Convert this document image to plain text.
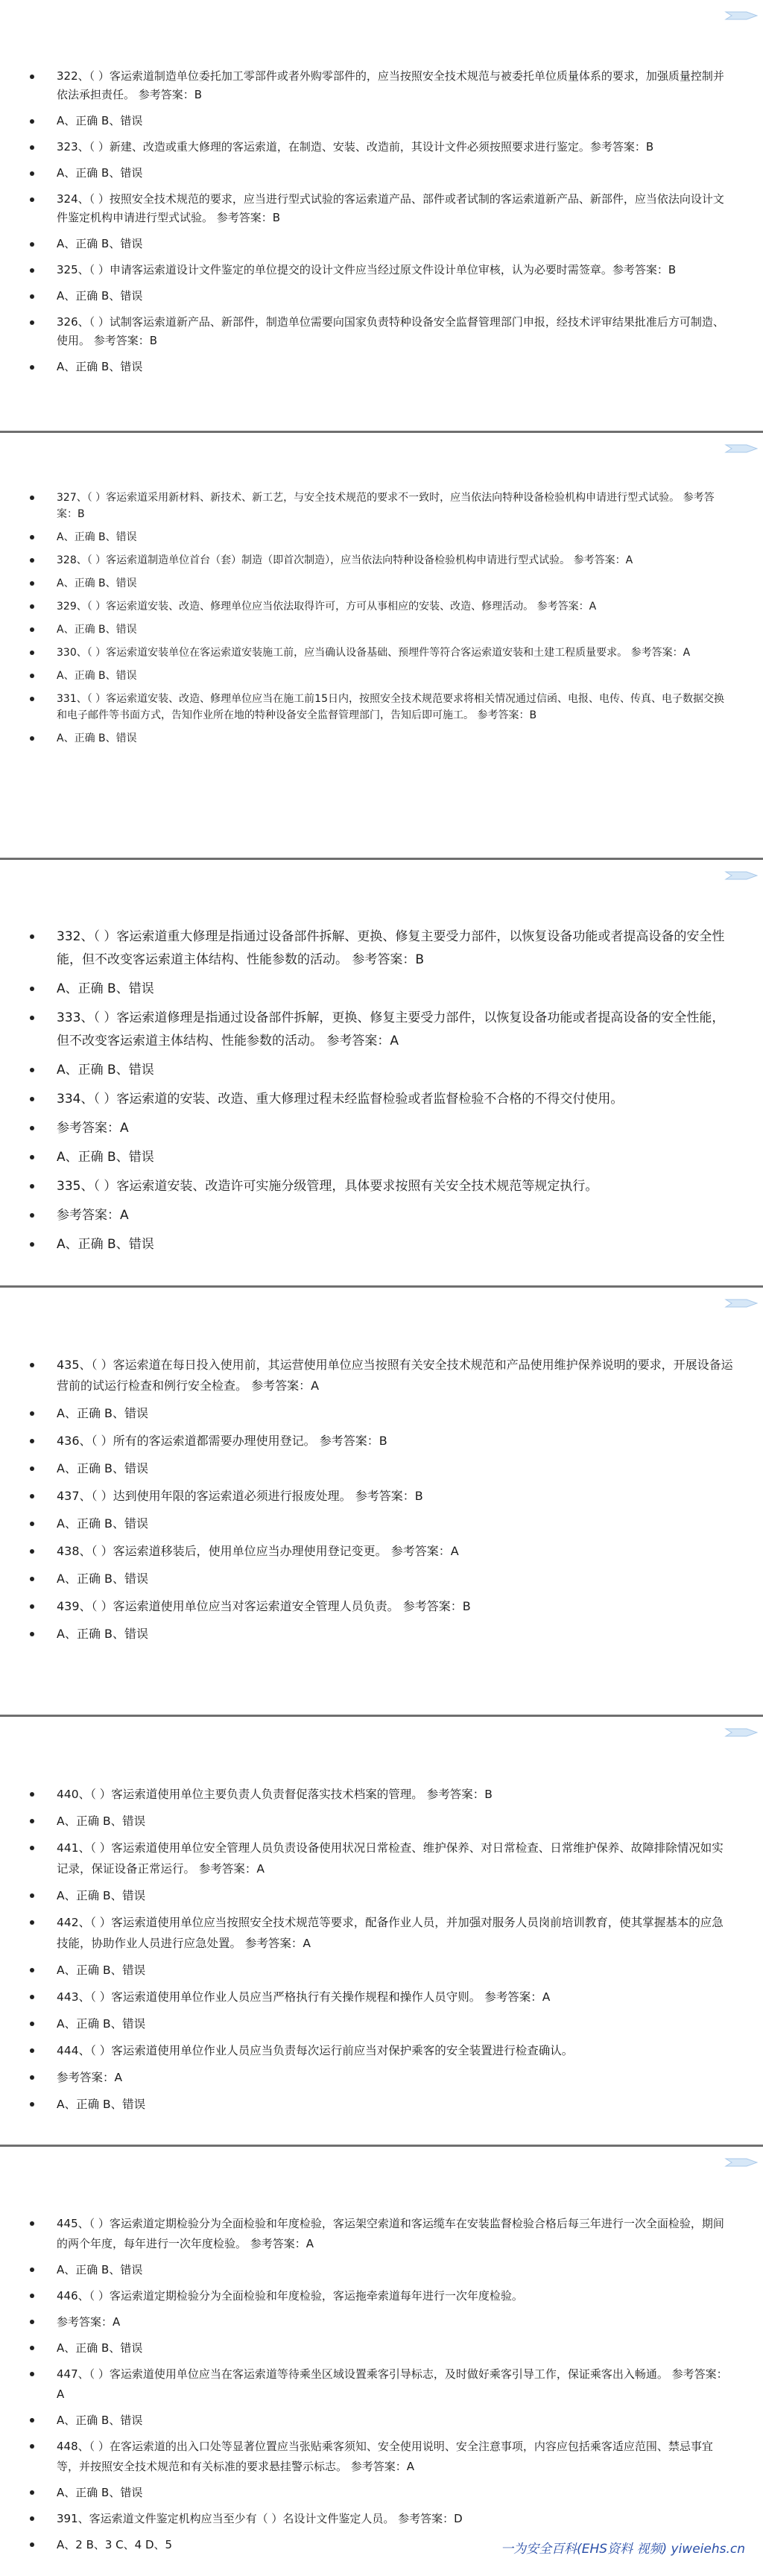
322、（ ）客运索道制造单位委托加工零部件或者外购零部件的，应当按照安全技术规范与被委托单位质量体系的要求，加强质量控制并依法承担责任。 参考答案：B
A、正确 B、错误
323、（ ）新建、改造或重大修理的客运索道，在制造、安装、改造前，其设计文件必须按照要求进行鉴定。参考答案：B
A、正确 B、错误
324、（ ）按照安全技术规范的要求，应当进行型式试验的客运索道产品、部件或者试制的客运索道新产品、新部件，应当依法向设计文件鉴定机构申请进行型式试验。 参考答案：B
A、正确 B、错误
325、（ ）申请客运索道设计文件鉴定的单位提交的设计文件应当经过原文件设计单位审核，认为必要时需签章。参考答案：B
A、正确 B、错误
326、（ ）试制客运索道新产品、新部件，制造单位需要向国家负责特种设备安全监督管理部门申报，经技术评审结果批准后方可制造、使用。 参考答案：B
A、正确 B、错误
327、（ ）客运索道采用新材料、新技术、新工艺，与安全技术规范的要求不一致时，应当依法向特种设备检验机构申请进行型式试验。 参考答案：B
A、正确 B、错误
328、（ ）客运索道制造单位首台（套）制造（即首次制造），应当依法向特种设备检验机构申请进行型式试验。 参考答案：A
A、正确 B、错误
329、（ ）客运索道安装、改造、修理单位应当依法取得许可，方可从事相应的安装、改造、修理活动。 参考答案：A
A、正确 B、错误
330、（ ）客运索道安装单位在客运索道安装施工前，应当确认设备基础、预埋件等符合客运索道安装和土建工程质量要求。 参考答案：A
A、正确 B、错误
331、（ ）客运索道安装、改造、修理单位应当在施工前15日内，按照安全技术规范要求将相关情况通过信函、电报、电传、传真、电子数据交换和电子邮件等书面方式，告知作业所在地的特种设备安全监督管理部门，告知后即可施工。 参考答案：B
A、正确 B、错误
332、（ ）客运索道重大修理是指通过设备部件拆解、更换、修复主要受力部件，以恢复设备功能或者提高设备的安全性能，但不改变客运索道主体结构、性能参数的活动。 参考答案：B
A、正确 B、错误
333、（ ）客运索道修理是指通过设备部件拆解，更换、修复主要受力部件，以恢复设备功能或者提高设备的安全性能，但不改变客运索道主体结构、性能参数的活动。 参考答案：A
A、正确 B、错误
334、（ ）客运索道的安装、改造、重大修理过程未经监督检验或者监督检验不合格的不得交付使用。
参考答案：A
A、正确 B、错误
335、（ ）客运索道安装、改造许可实施分级管理，具体要求按照有关安全技术规范等规定执行。
参考答案：A
A、正确 B、错误
435、（ ）客运索道在每日投入使用前，其运营使用单位应当按照有关安全技术规范和产品使用维护保养说明的要求，开展设备运营前的试运行检查和例行安全检查。 参考答案：A
A、正确 B、错误
436、（ ）所有的客运索道都需要办理使用登记。 参考答案：B
A、正确 B、错误
437、（ ）达到使用年限的客运索道必须进行报废处理。 参考答案：B
A、正确 B、错误
438、（ ）客运索道移装后，使用单位应当办理使用登记变更。 参考答案：A
A、正确 B、错误
439、（ ）客运索道使用单位应当对客运索道安全管理人员负责。 参考答案：B
A、正确 B、错误
440、（ ）客运索道使用单位主要负责人负责督促落实技术档案的管理。 参考答案：B
A、正确 B、错误
441、（ ）客运索道使用单位安全管理人员负责设备使用状况日常检查、维护保养、对日常检查、日常维护保养、故障排除情况如实记录，保证设备正常运行。 参考答案：A
A、正确 B、错误
442、（ ）客运索道使用单位应当按照安全技术规范等要求，配备作业人员，并加强对服务人员岗前培训教育，使其掌握基本的应急技能，协助作业人员进行应急处置。 参考答案：A
A、正确 B、错误
443、（ ）客运索道使用单位作业人员应当严格执行有关操作规程和操作人员守则。 参考答案：A
A、正确 B、错误
444、（ ）客运索道使用单位作业人员应当负责每次运行前应当对保护乘客的安全装置进行检查确认。
参考答案：A
A、正确 B、错误
445、（ ）客运索道定期检验分为全面检验和年度检验，客运架空索道和客运缆车在安装监督检验合格后每三年进行一次全面检验，期间的两个年度，每年进行一次年度检验。 参考答案：A
A、正确 B、错误
446、（ ）客运索道定期检验分为全面检验和年度检验，客运拖牵索道每年进行一次年度检验。
参考答案：A
A、正确 B、错误
447、（ ）客运索道使用单位应当在客运索道等待乘坐区域设置乘客引导标志，及时做好乘客引导工作，保证乘客出入畅通。 参考答案：A
A、正确 B、错误
448、（ ）在客运索道的出入口处等显著位置应当张贴乘客须知、安全使用说明、安全注意事项，内容应包括乘客适应范围、禁忌事宜等，并按照安全技术规范和有关标准的要求悬挂警示标志。 参考答案：A
A、正确 B、错误
391、客运索道文件鉴定机构应当至少有（ ）名设计文件鉴定人员。 参考答案：D
A、2 B、3 C、4 D、5	一为安全百科(EHS资料 视频) yiweiehs.cn
